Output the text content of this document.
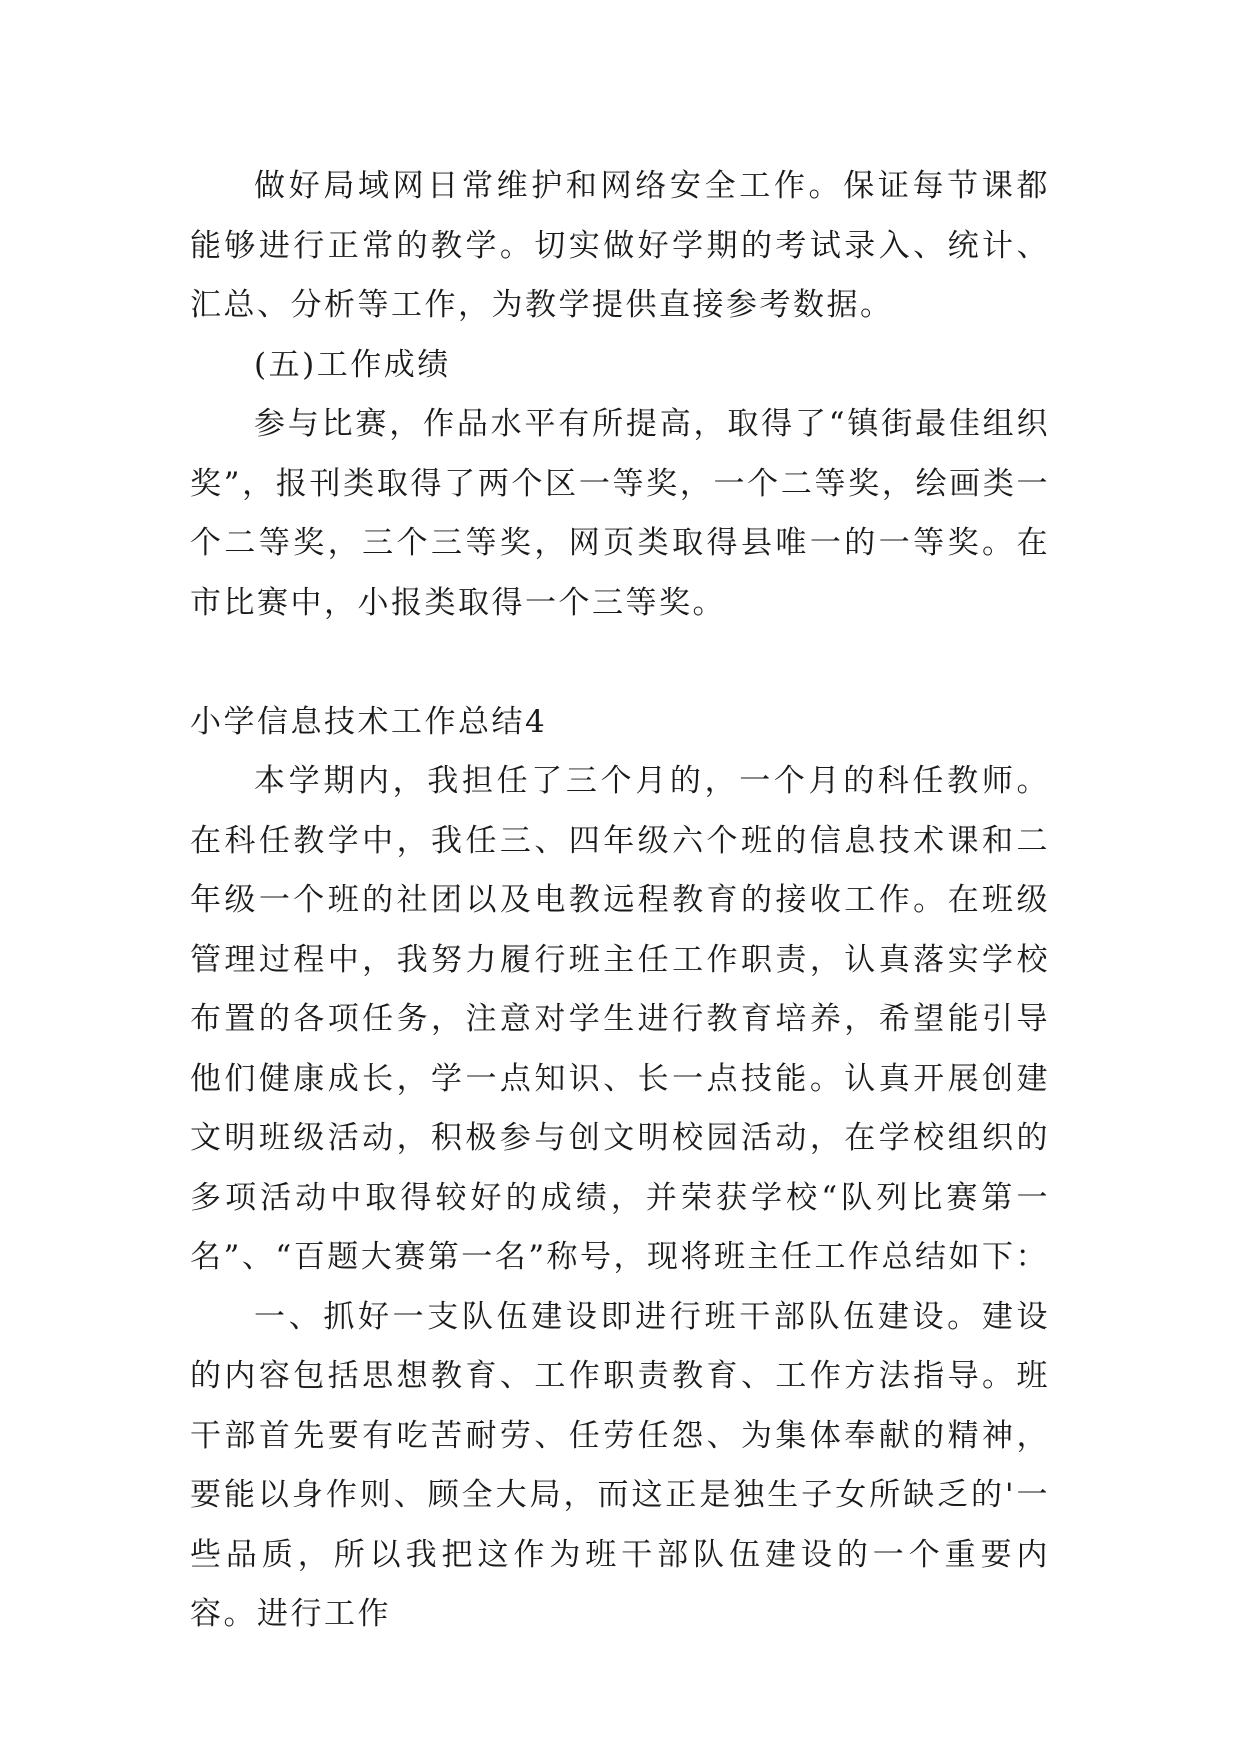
做好局域网日常维护和网络安全工作。保证每节课都能够进行正常的教学。切实做好学期的考试录入、统计、汇总、分析等工作，为教学提供直接参考数据。

(五)工作成绩

参与比赛，作品水平有所提高，取得了“镇街最佳组织奖”，报刊类取得了两个区一等奖，一个二等奖，绘画类一个二等奖，三个三等奖，网页类取得县唯一的一等奖。在市比赛中，小报类取得一个三等奖。

小学信息技术工作总结4

本学期内，我担任了三个月的，一个月的科任教师。在科任教学中，我任三、四年级六个班的信息技术课和二年级一个班的社团以及电教远程教育的接收工作。在班级管理过程中，我努力履行班主任工作职责，认真落实学校布置的各项任务，注意对学生进行教育培养，希望能引导他们健康成长，学一点知识、长一点技能。认真开展创建文明班级活动，积极参与创文明校园活动，在学校组织的多项活动中取得较好的成绩，并荣获学校“队列比赛第一名”、“百题大赛第一名”称号，现将班主任工作总结如下：

一、抓好一支队伍建设即进行班干部队伍建设。建设的内容包括思想教育、工作职责教育、工作方法指导。班干部首先要有吃苦耐劳、任劳任怨、为集体奉献的精神，要能以身作则、顾全大局，而这正是独生子女所缺乏的'一些品质，所以我把这作为班干部队伍建设的一个重要内容。进行工作
